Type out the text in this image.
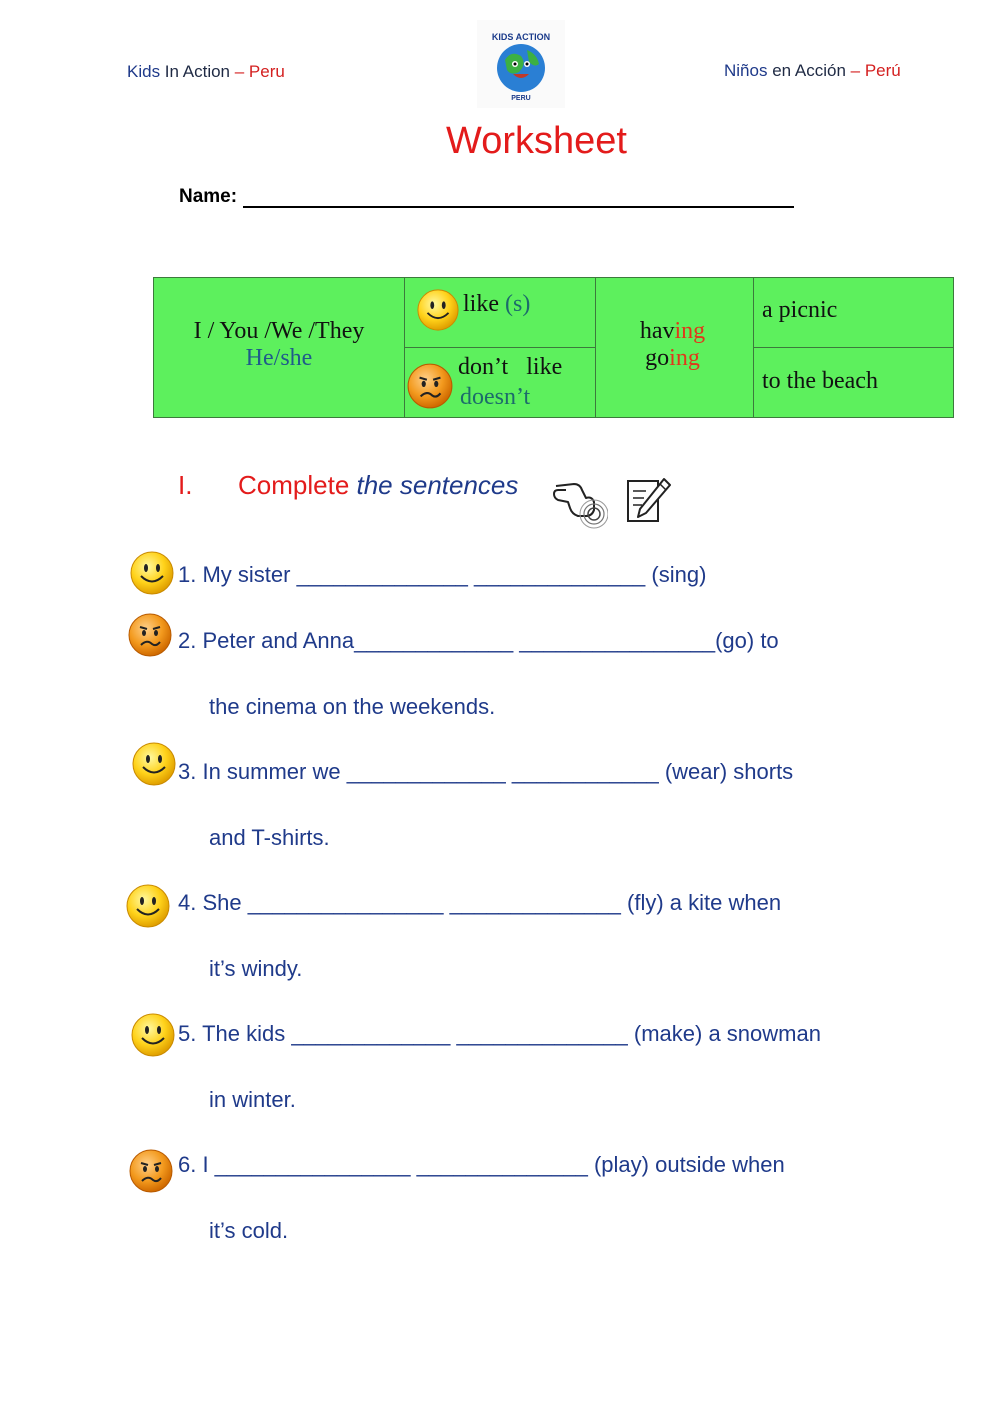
Kids In Action – Peru	Niños en Acción – Perú
KIDS ACTION
PERU
Worksheet
Name:
I / You /We /They
He/she
like (s)
don’t   like
doesn’t
having
going
a picnic
to the beach
I. Complete the sentences
1. My sister ______________ ______________ (sing)
2. Peter and Anna_____________ ________________(go) to
the cinema on the weekends.
3. In summer we _____________ ____________ (wear) shorts
and T-shirts.
4. She ________________ ______________ (fly) a kite when
it’s windy.
5. The kids _____________ ______________ (make) a snowman
in winter.
6. I ________________ ______________ (play) outside when
it’s cold.
